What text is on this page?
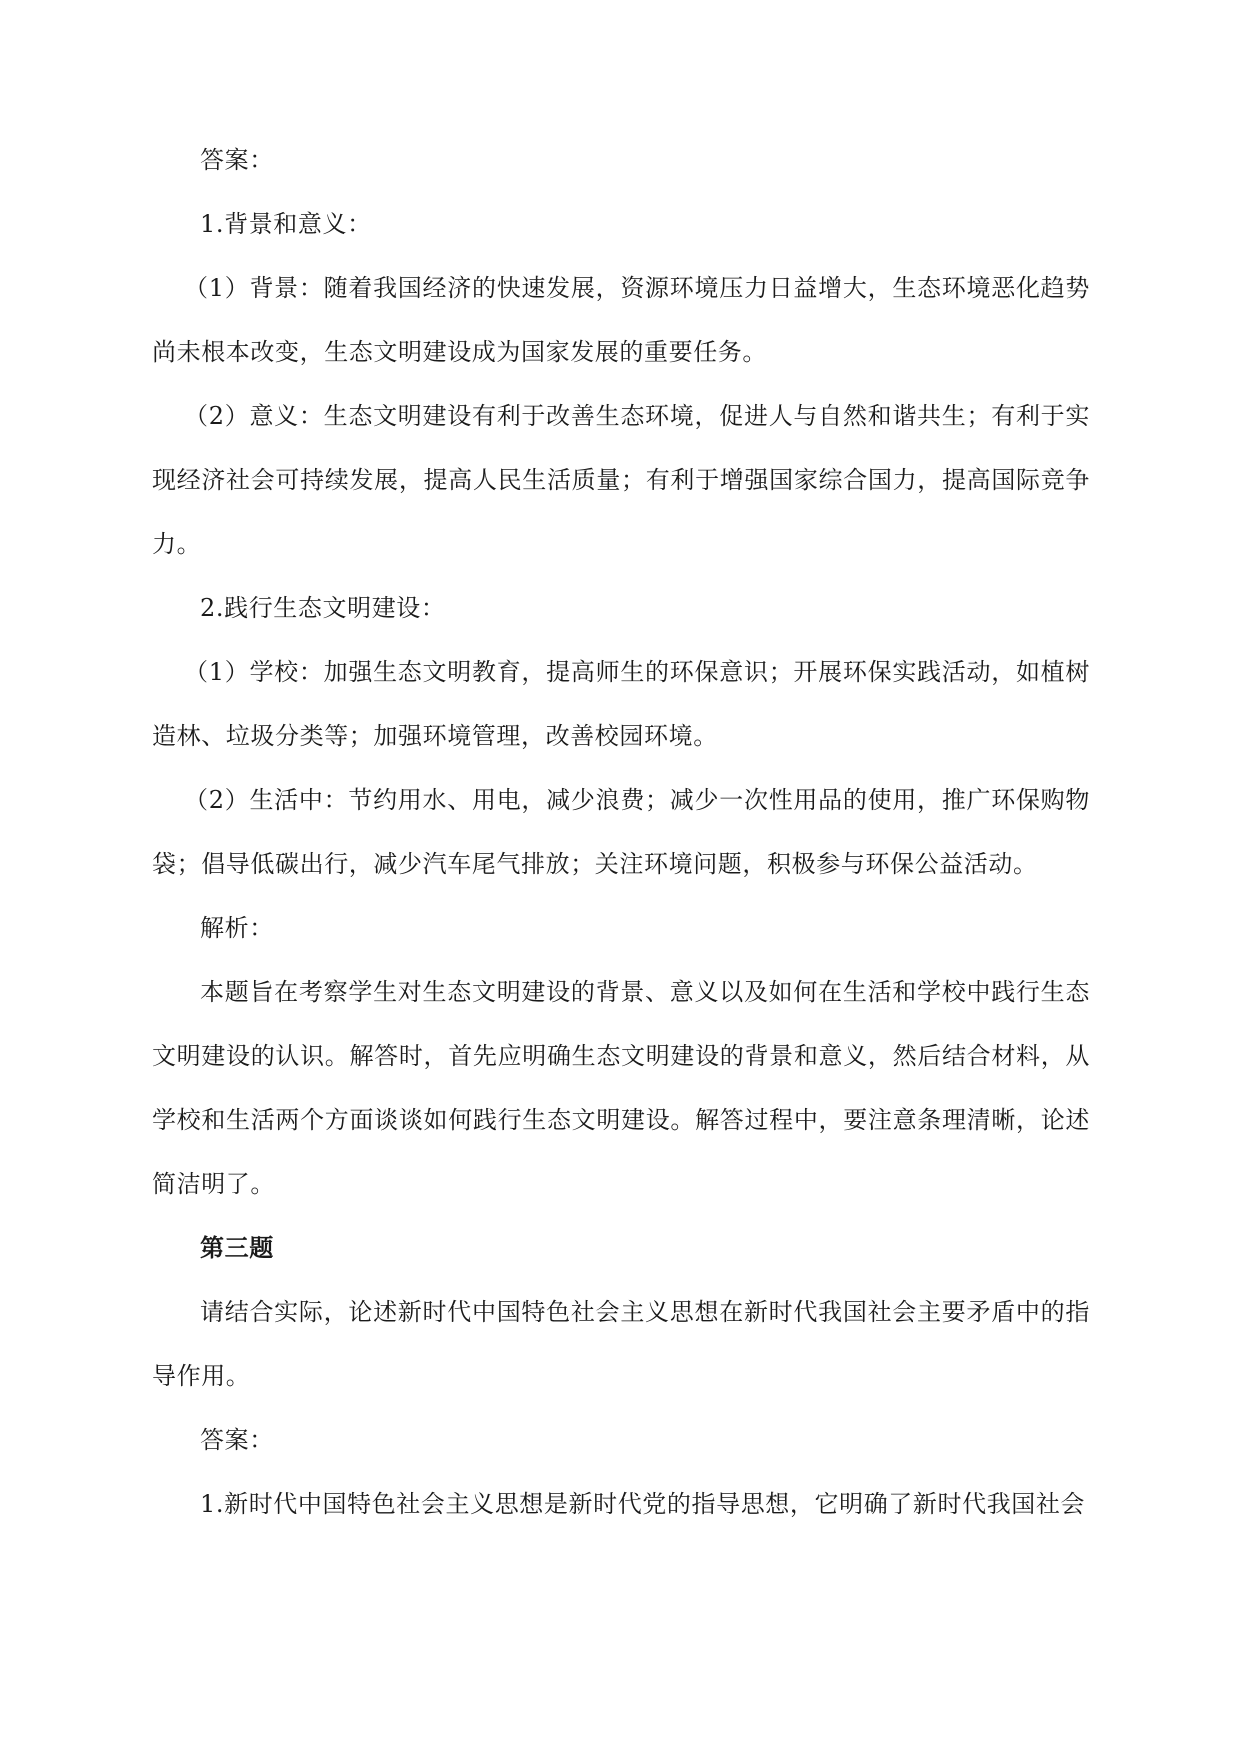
答案：

1.背景和意义：

（1）背景：随着我国经济的快速发展，资源环境压力日益增大，生态环境恶化趋势尚未根本改变，生态文明建设成为国家发展的重要任务。

（2）意义：生态文明建设有利于改善生态环境，促进人与自然和谐共生；有利于实现经济社会可持续发展，提高人民生活质量；有利于增强国家综合国力，提高国际竞争力。

2.践行生态文明建设：

（1）学校：加强生态文明教育，提高师生的环保意识；开展环保实践活动，如植树造林、垃圾分类等；加强环境管理，改善校园环境。

（2）生活中：节约用水、用电，减少浪费；减少一次性用品的使用，推广环保购物袋；倡导低碳出行，减少汽车尾气排放；关注环境问题，积极参与环保公益活动。

解析：

本题旨在考察学生对生态文明建设的背景、意义以及如何在生活和学校中践行生态文明建设的认识。解答时，首先应明确生态文明建设的背景和意义，然后结合材料，从学校和生活两个方面谈谈如何践行生态文明建设。解答过程中，要注意条理清晰，论述简洁明了。

第三题

请结合实际，论述新时代中国特色社会主义思想在新时代我国社会主要矛盾中的指导作用。

答案：

1.新时代中国特色社会主义思想是新时代党的指导思想，它明确了新时代我国社会
